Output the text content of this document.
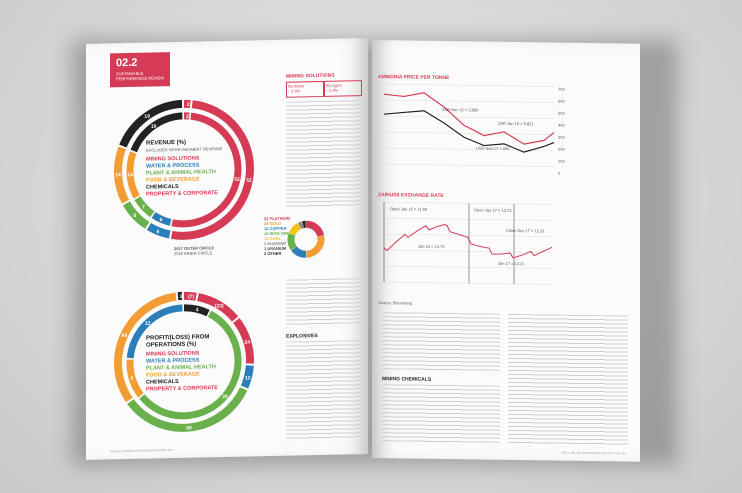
02.2
SUSTAINABLE PERFORMANCE REVIEW
2
52
6
8
14
19	2
52
6
7
14
19
REVENUE (%)
EXCLUDES INTER-SEGMENT REVENUE
MINING SOLUTIONS
WATER & PROCESS
PLANT & ANIMAL HEALTH
FOOD & BEVERAGE
CHEMICALS
PROPERTY & CORPORATE
2017 OUTER CIRCLE
2016 INNER CIRCLE
22 PLATINUM
28 GOLD
15 COPPER
16 IRON ORE
12 COAL
3 DIAMOND
1 URANIUM
3 OTHER
(7)
(23)
24
12
69
68
3
4
29
6
12
PROFIT/(LOSS) FROM OPERATIONS (%)
MINING SOLUTIONS
WATER & PROCESS
PLANT & ANIMAL HEALTH
FOOD & BEVERAGE
CHEMICALS
PROPERTY & CORPORATE
MINING SOLUTIONS
Rs billion
↑ 2.4%
Rs signe
↑ 5.9%
EXPLOSIVES
26 AECI LIMITED INTEGRATED REPORT 2017
AMMONIA PRICE PER TONNE
700
600
500
400
300
200
100
0
ZAR Nov 16 = 3,890
ZAR Jan 15 = 5,821
USD Sep 17 = 266
ZAR/US$ EXCHANGE RATE
Open Jan 15 = 11.60
Jan 16 = 14.72
Open Jan 17 = 13.73
Close Dec 17 = 12.31
Jan 17 = 13.21
Source: Bloomberg
MINING CHEMICALS
AECI LIMITED INTEGRATED REPORT 2017 29
